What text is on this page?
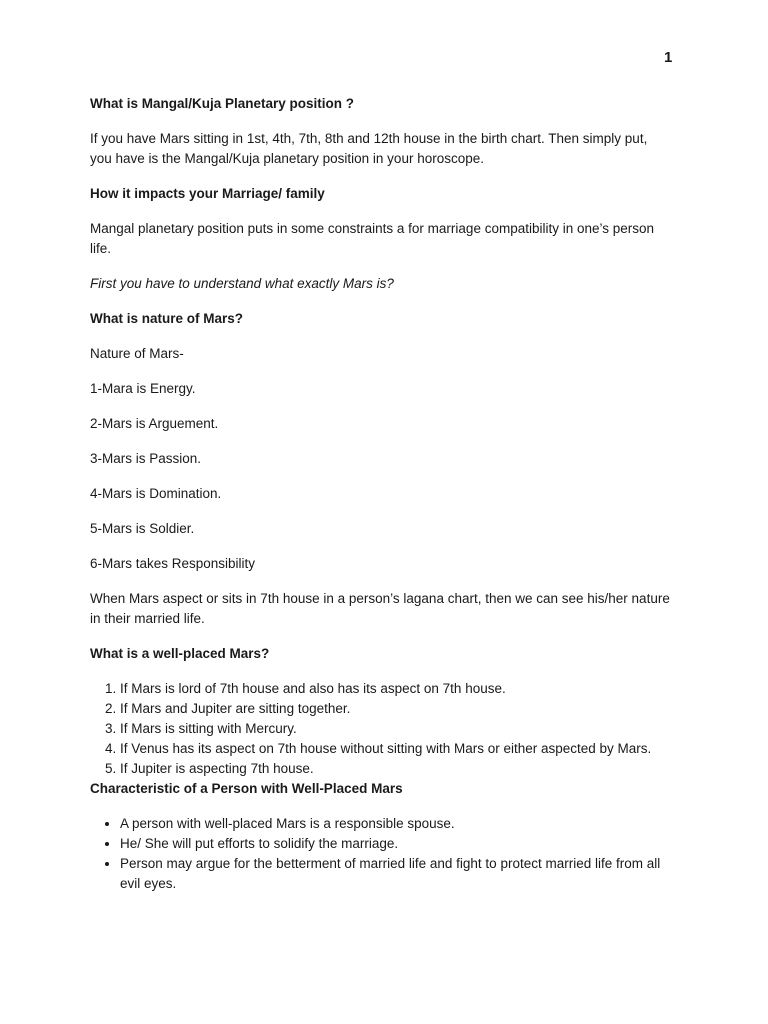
1
What is Mangal/Kuja Planetary position ?

If you have Mars sitting in 1st, 4th, 7th, 8th and 12th house in the birth chart. Then simply put, you have is the Mangal/Kuja planetary position in your horoscope.

How it impacts your Marriage/ family

Mangal planetary position puts in some constraints a for marriage compatibility in one’s person life.

First you have to understand what exactly Mars is?

What is nature of Mars?

Nature of Mars-

1-Mara is Energy.

2-Mars is Arguement.

3-Mars is Passion.

4-Mars is Domination.

5-Mars is Soldier.

6-Mars takes Responsibility

When Mars aspect or sits in 7th house in a person’s lagana chart, then we can see his/her nature in their married life.

What is a well-placed Mars?
1. If Mars is lord of 7th house and also has its aspect on 7th house.
2. If Mars and Jupiter are sitting together.
3. If Mars is sitting with Mercury.
4. If Venus has its aspect on 7th house without sitting with Mars or either aspected by Mars.
5. If Jupiter is aspecting 7th house.
Characteristic of a Person with Well-Placed Mars
• A person with well-placed Mars is a responsible spouse.
• He/ She will put efforts to solidify the marriage.
• Person may argue for the betterment of married life and fight to protect married life from all evil eyes.
